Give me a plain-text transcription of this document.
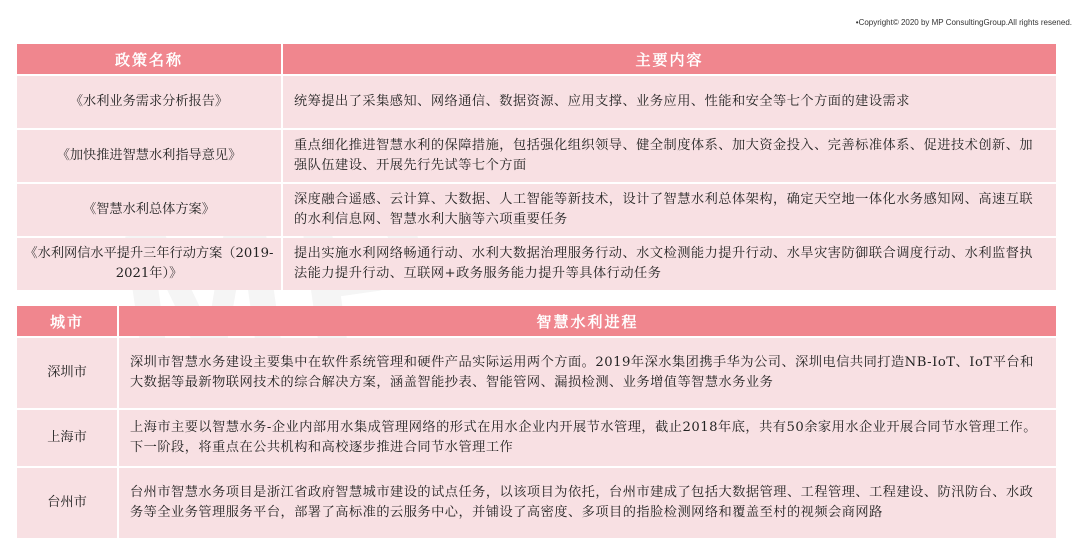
•Copyright© 2020 by MP ConsultingGroup.All rights resened.
政策名称	主要内容
《水利业务需求分析报告》	统筹提出了采集感知、网络通信、数据资源、应用支撑、业务应用、性能和安全等七个方面的建设需求
《加快推进智慧水利指导意见》	重点细化推进智慧水利的保障措施，包括强化组织领导、健全制度体系、加大资金投入、完善标准体系、促进技术创新、加强队伍建设、开展先行先试等七个方面
《智慧水利总体方案》	深度融合遥感、云计算、大数据、人工智能等新技术，设计了智慧水利总体架构，确定天空地一体化水务感知网、高速互联的水利信息网、智慧水利大脑等六项重要任务
《水利网信水平提升三年行动方案（2019-2021年）》	提出实施水利网络畅通行动、水利大数据治理服务行动、水文检测能力提升行动、水旱灾害防御联合调度行动、水利监督执法能力提升行动、互联网+政务服务能力提升等具体行动任务
城市	智慧水利进程
深圳市	深圳市智慧水务建设主要集中在软件系统管理和硬件产品实际运用两个方面。2019年深水集团携手华为公司、深圳电信共同打造NB-IoT、IoT平台和大数据等最新物联网技术的综合解决方案，涵盖智能抄表、智能管网、漏损检测、业务增值等智慧水务业务
上海市	上海市主要以智慧水务-企业内部用水集成管理网络的形式在用水企业内开展节水管理，截止2018年底，共有50余家用水企业开展合同节水管理工作。下一阶段，将重点在公共机构和高校逐步推进合同节水管理工作
台州市	台州市智慧水务项目是浙江省政府智慧城市建设的试点任务，以该项目为依托，台州市建成了包括大数据管理、工程管理、工程建设、防汛防台、水政务等全业务管理服务平台，部署了高标准的云服务中心，并铺设了高密度、多项目的指脸检测网络和覆盖至村的视频会商网路
